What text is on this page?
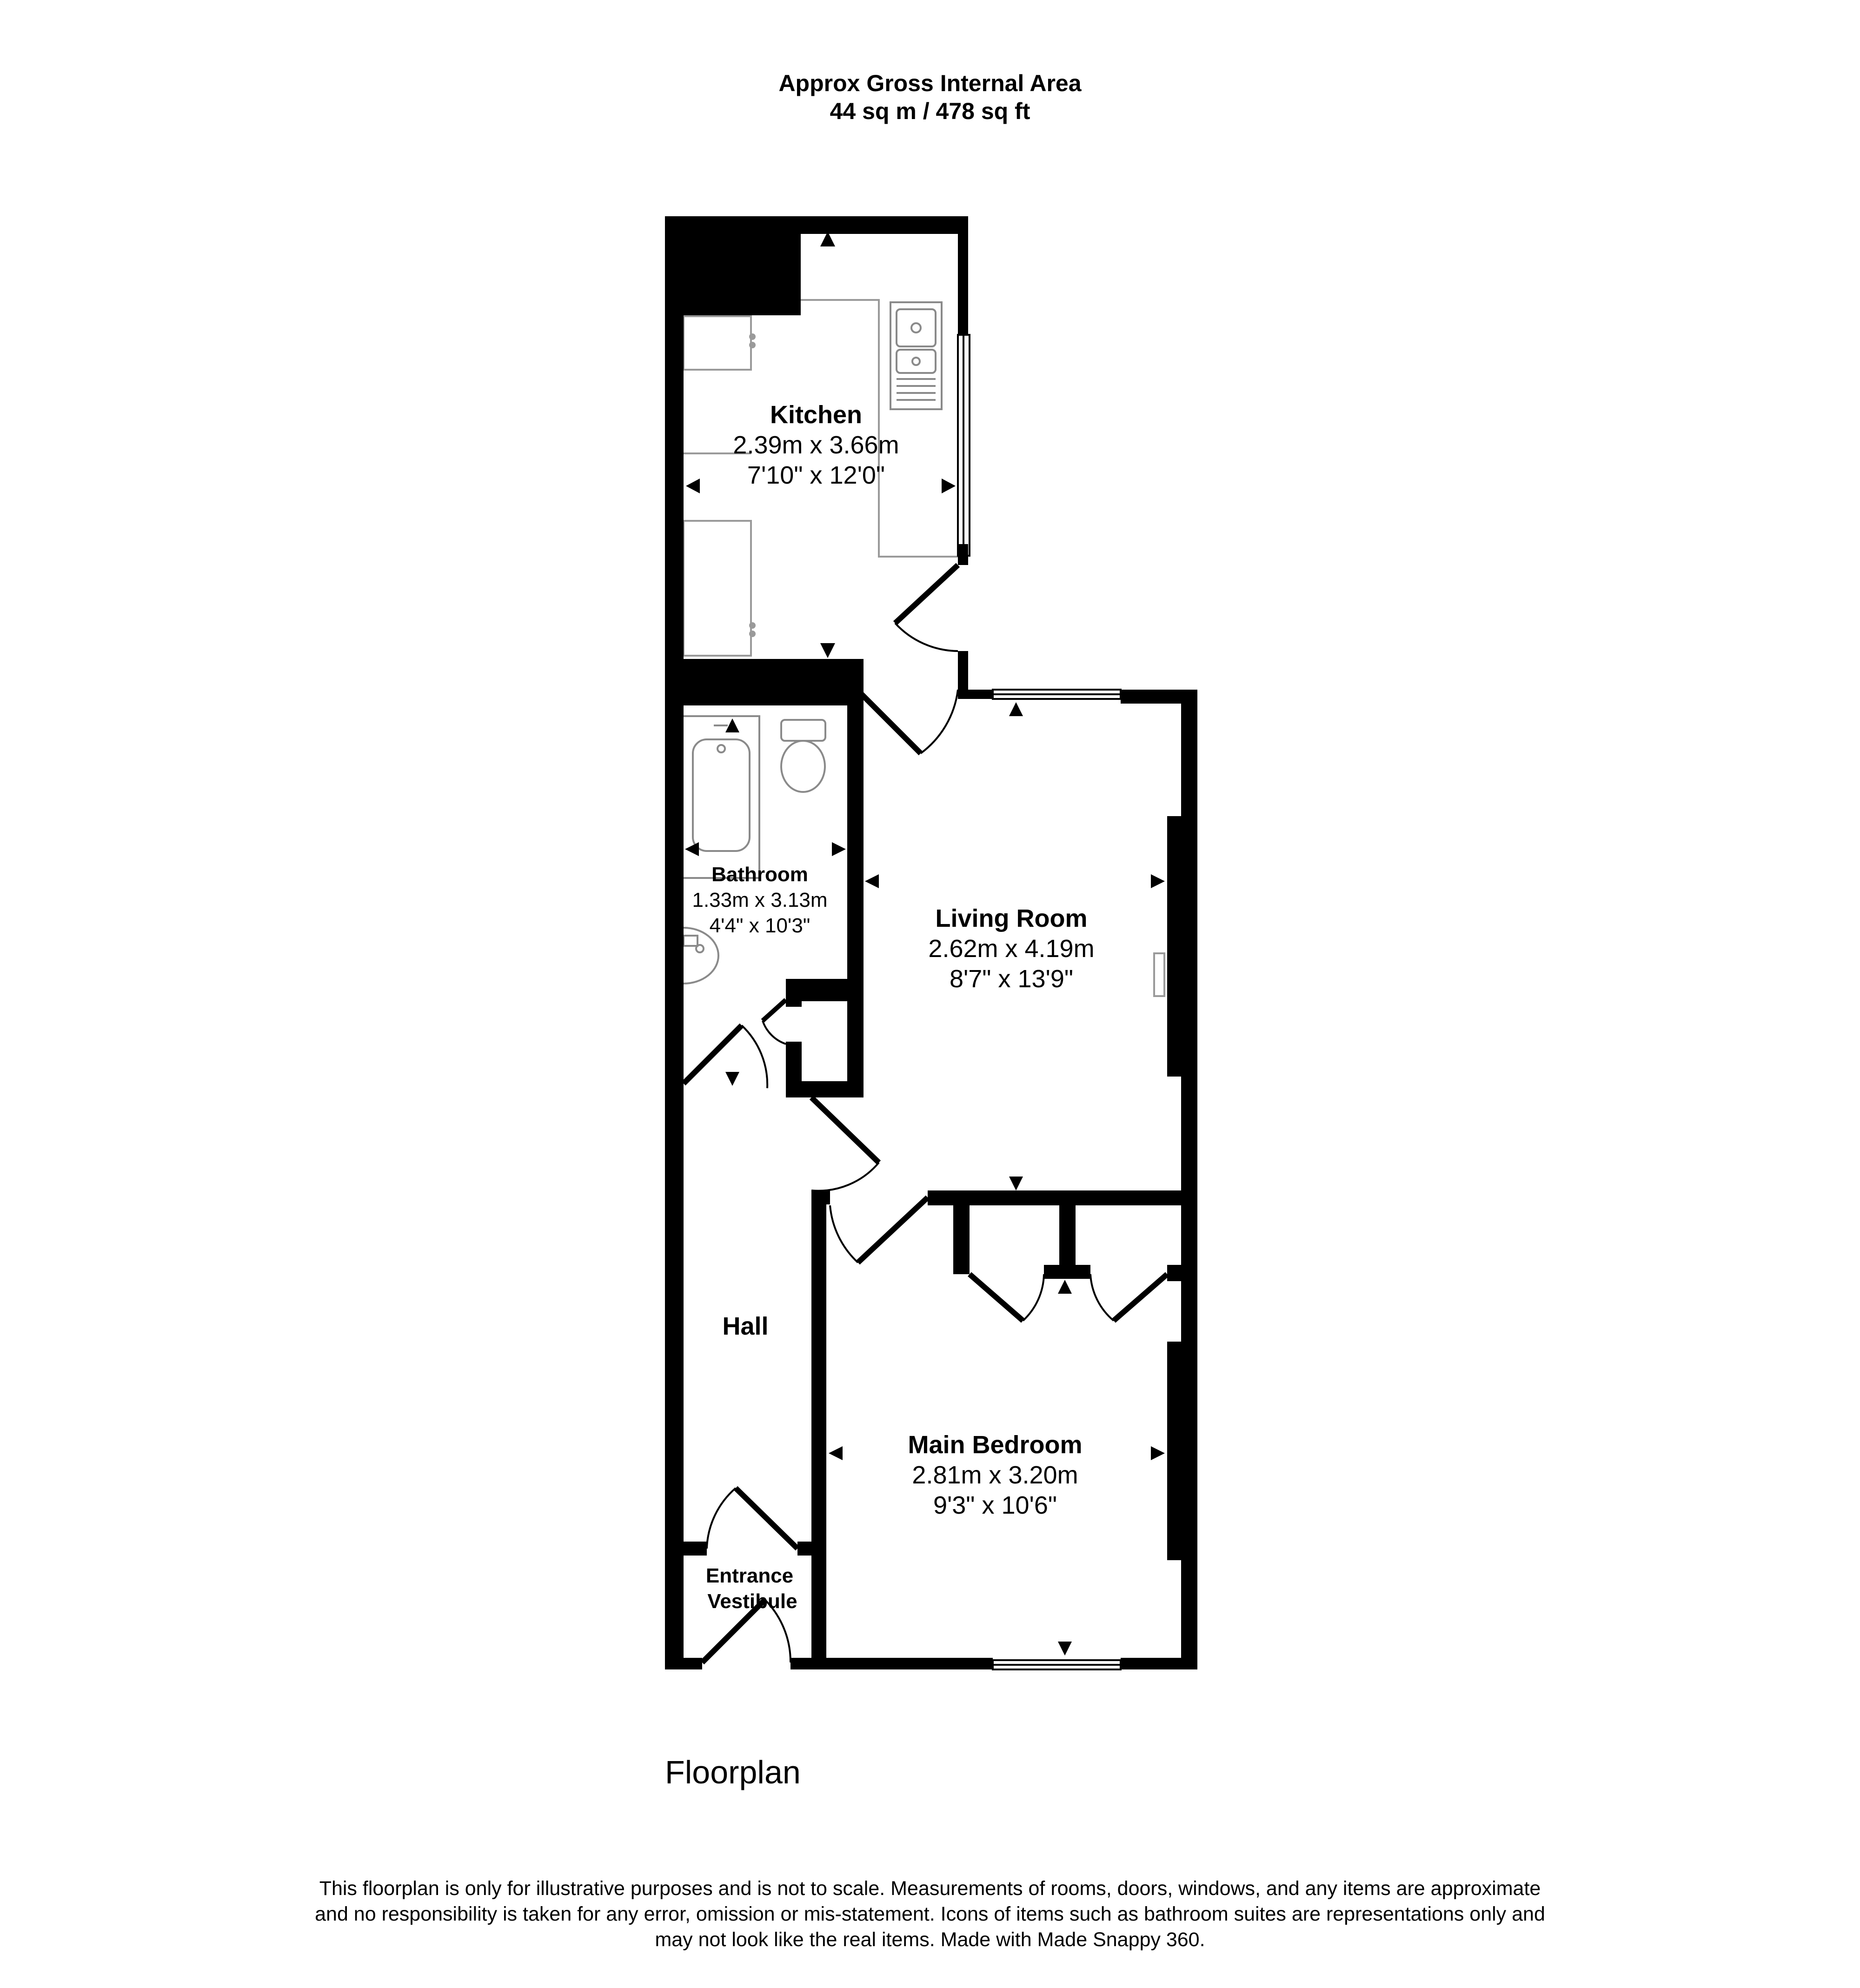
Approx Gross Internal Area
44 sq m / 478 sq ft
Kitchen
2.39m x 3.66m
7'10" x 12'0"
Bathroom
1.33m x 3.13m
4'4" x 10'3"	Living Room
2.62m x 4.19m
8'7" x 13'9"
Hall
Main Bedroom
2.81m x 3.20m
9'3" x 10'6"
Entrance
Vestibule
Floorplan
This floorplan is only for illustrative purposes and is not to scale. Measurements of rooms, doors, windows, and any items are approximate
and no responsibility is taken for any error, omission or mis-statement. Icons of items such as bathroom suites are representations only and
may not look like the real items. Made with Made Snappy 360.
